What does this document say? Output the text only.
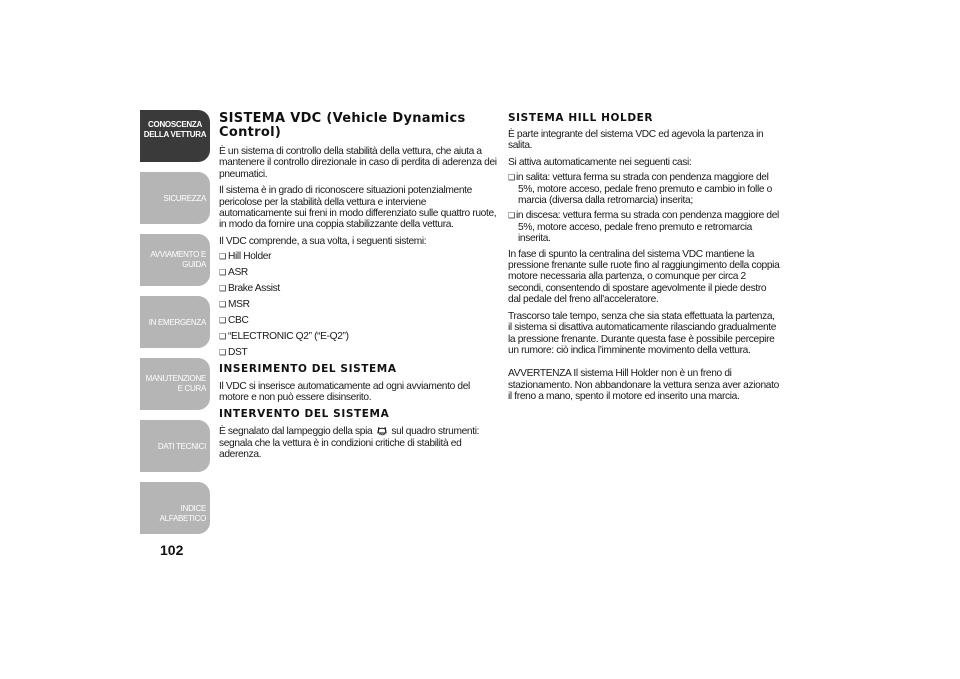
CONOSCENZA DELLA VETTURA
SICUREZZA
AVVIAMENTO E GUIDA
IN EMERGENZA
MANUTENZIONE E CURA
DATI TECNICI
INDICE ALFABETICO
102
SISTEMA VDC (Vehicle Dynamics Control)

È un sistema di controllo della stabilità della vettura, che aiuta a mantenere il controllo direzionale in caso di perdita di aderenza dei pneumatici.

Il sistema è in grado di riconoscere situazioni potenzialmente pericolose per la stabilità della vettura e interviene automaticamente sui freni in modo differenziato sulle quattro ruote, in modo da fornire una coppia stabilizzante della vettura.

Il VDC comprende, a sua volta, i seguenti sistemi:

❑ Hill Holder
❑ ASR
❑ Brake Assist
❑ MSR
❑ CBC
❑ “ELECTRONIC Q2” (“E-Q2”)
❑ DST
INSERIMENTO DEL SISTEMA

Il VDC si inserisce automaticamente ad ogni avviamento del motore e non può essere disinserito.

INTERVENTO DEL SISTEMA

È segnalato dal lampeggio della spia sul quadro strumenti: segnala che la vettura è in condizioni critiche di stabilità ed aderenza.

SISTEMA HILL HOLDER

È parte integrante del sistema VDC ed agevola la partenza in salita.

Si attiva automaticamente nei seguenti casi:

❑ in salita: vettura ferma su strada con pendenza maggiore del 5%, motore acceso, pedale freno premuto e cambio in folle o marcia (diversa dalla retromarcia) inserita;
❑ in discesa: vettura ferma su strada con pendenza maggiore del 5%, motore acceso, pedale freno premuto e retromarcia inserita.

In fase di spunto la centralina del sistema VDC mantiene la pressione frenante sulle ruote fino al raggiungimento della coppia motore necessaria alla partenza, o comunque per circa 2 secondi, consentendo di spostare agevolmente il piede destro dal pedale del freno all’acceleratore.

Trascorso tale tempo, senza che sia stata effettuata la partenza, il sistema si disattiva automaticamente rilasciando gradualmente la pressione frenante. Durante questa fase è possibile percepire un rumore: ciò indica l’imminente movimento della vettura.

AVVERTENZA Il sistema Hill Holder non è un freno di stazionamento. Non abbandonare la vettura senza aver azionato il freno a mano, spento il motore ed inserito una marcia.
